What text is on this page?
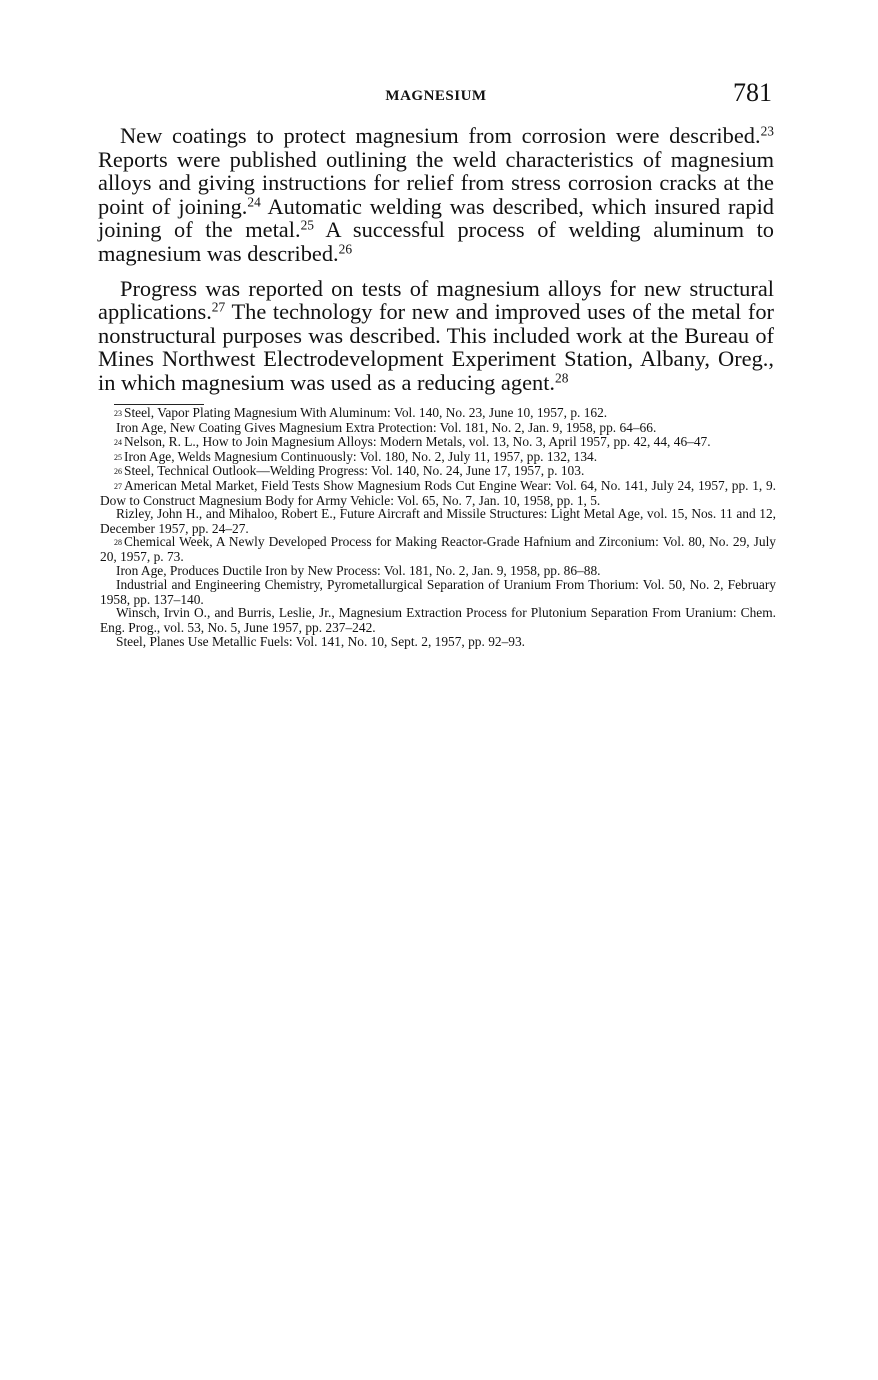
MAGNESIUM	781

New coatings to protect magnesium from corrosion were described.$^{23}$ Reports were published outlining the weld characteristics of magnesium alloys and giving instructions for relief from stress corrosion cracks at the point of joining.$^{24}$ Automatic welding was described, which insured rapid joining of the metal.$^{25}$ A successful process of welding aluminum to magnesium was described.$^{26}$

Progress was reported on tests of magnesium alloys for new structural applications.$^{27}$ The technology for new and improved uses of the metal for nonstructural purposes was described. This included work at the Bureau of Mines Northwest Electrodevelopment Experiment Station, Albany, Oreg., in which magnesium was used as a reducing agent.$^{28}$

23 Steel, Vapor Plating Magnesium With Aluminum: Vol. 140, No. 23, June 10, 1957, p. 162.

Iron Age, New Coating Gives Magnesium Extra Protection: Vol. 181, No. 2, Jan. 9, 1958, pp. 64–66.

24 Nelson, R. L., How to Join Magnesium Alloys: Modern Metals, vol. 13, No. 3, April 1957, pp. 42, 44, 46–47.

25 Iron Age, Welds Magnesium Continuously: Vol. 180, No. 2, July 11, 1957, pp. 132, 134.

26 Steel, Technical Outlook—Welding Progress: Vol. 140, No. 24, June 17, 1957, p. 103.

27 American Metal Market, Field Tests Show Magnesium Rods Cut Engine Wear: Vol. 64, No. 141, July 24, 1957, pp. 1, 9. Dow to Construct Magnesium Body for Army Vehicle: Vol. 65, No. 7, Jan. 10, 1958, pp. 1, 5.

Rizley, John H., and Mihaloo, Robert E., Future Aircraft and Missile Structures: Light Metal Age, vol. 15, Nos. 11 and 12, December 1957, pp. 24–27.

28 Chemical Week, A Newly Developed Process for Making Reactor-Grade Hafnium and Zirconium: Vol. 80, No. 29, July 20, 1957, p. 73.

Iron Age, Produces Ductile Iron by New Process: Vol. 181, No. 2, Jan. 9, 1958, pp. 86–88.

Industrial and Engineering Chemistry, Pyrometallurgical Separation of Uranium From Thorium: Vol. 50, No. 2, February 1958, pp. 137–140.

Winsch, Irvin O., and Burris, Leslie, Jr., Magnesium Extraction Process for Plutonium Separation From Uranium: Chem. Eng. Prog., vol. 53, No. 5, June 1957, pp. 237–242.

Steel, Planes Use Metallic Fuels: Vol. 141, No. 10, Sept. 2, 1957, pp. 92–93.
